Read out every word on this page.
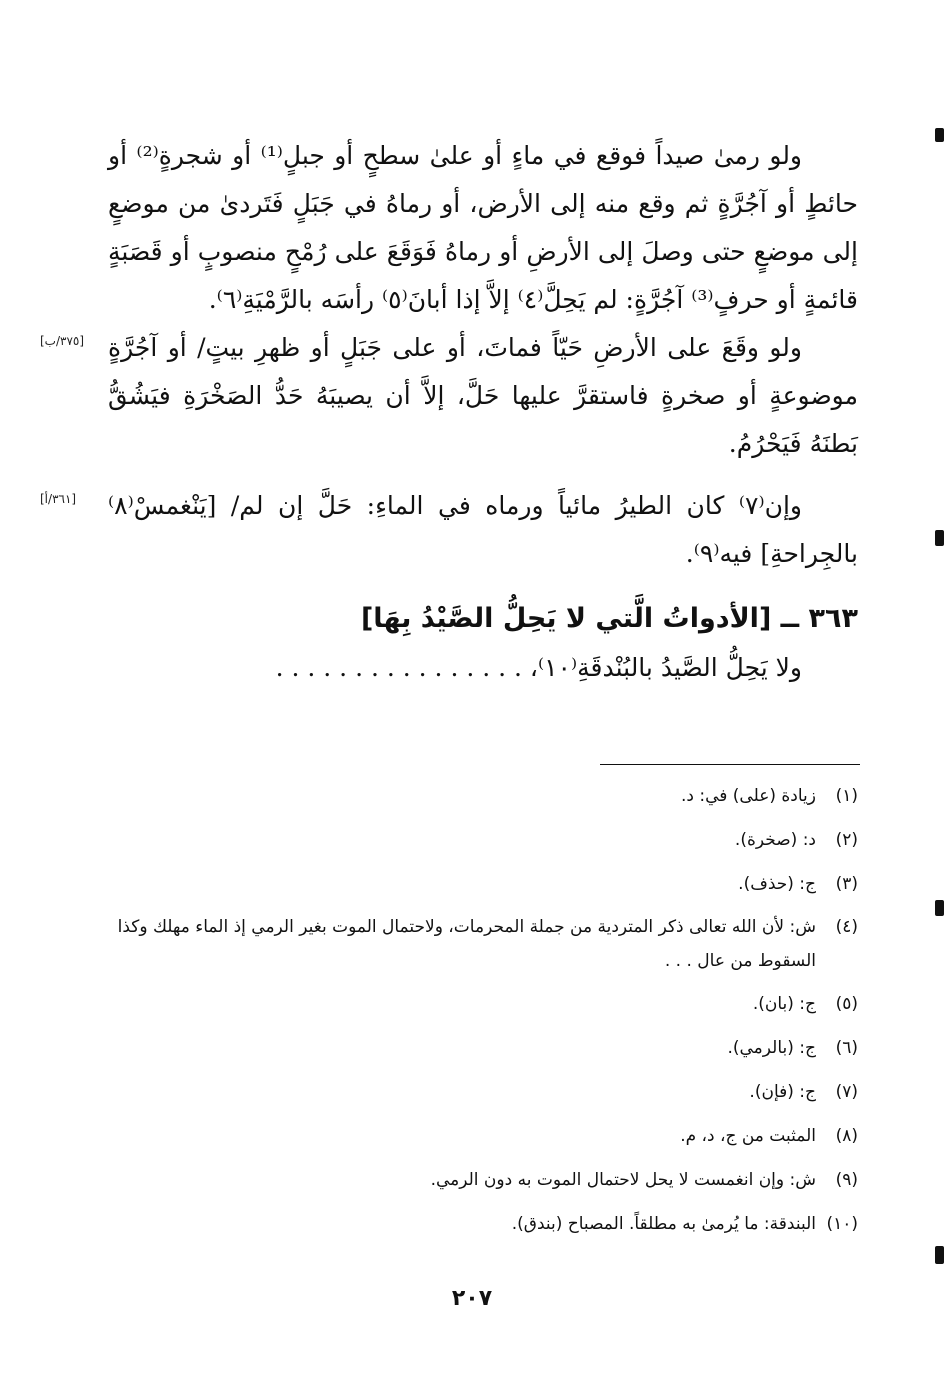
ولو رمىٰ صيداً فوقع في ماءٍ أو علىٰ سطحٍ أو جبلٍ⁽¹⁾ أو شجرةٍ⁽²⁾ أو حائطٍ أو آجُرَّةٍ ثم وقع منه إلى الأرض، أو رماهُ في جَبَلٍ فَتَردىٰ من موضعٍ إلى موضعٍ حتى وصلَ إلى الأرضِ أو رماهُ فَوَقَعَ على رُمْحٍ منصوبٍ أو قَصَبَةٍ قائمةٍ أو حرفٍ⁽³⁾ آجُرَّةٍ: لم يَحِلَّ⁽٤⁾ إلاَّ إذا أبانَ⁽٥⁾ رأسَه بالرَّمْيَةِ⁽٦⁾.

[٣٧٥/ب] ولو وقَعَ على الأرضِ حَيّاً فماتَ، أو على جَبَلٍ أو ظهرِ بيتٍ/ أو آجُرَّةٍ موضوعةٍ أو صخرةٍ فاستقرَّ عليها حَلَّ، إلاَّ أن يصيبَهُ حَدُّ الصَخْرَةِ فيَشُقُّ بَطنَهُ فَيَحْرُمُ.

[٣٦١/أ] وإن⁽٧⁾ كان الطيرُ مائياً ورماه في الماءِ: حَلَّ إن لم/ [يَنْغمسْ⁽٨⁾ بالجِراحةِ] فيه⁽٩⁾.

٣٦٣ ــ [الأدواتُ الَّتي لا يَحِلُّ الصَّيْدُ بِهَا]

ولا يَحِلُّ الصَّيدُ بالبُنْدقَةِ⁽١٠⁾، . . . . . . . . . . . . . . . .

(١)
زيادة (على) في: د.
(٢)
د: (صخرة).
(٣)
ج: (حذف).
(٤)
ش: لأن الله تعالى ذكر المتردية من جملة المحرمات، ولاحتمال الموت بغير الرمي إذ الماء مهلك وكذا السقوط من عال . . .
(٥)
ج: (بان).
(٦)
ج: (بالرمي).
(٧)
ج: (فإن).
(٨)
المثبت من ج، د، م.
(٩)
ش: وإن انغمست لا يحل لاحتمال الموت به دون الرمي.
(١٠)
البندقة: ما يُرمىٰ به مطلقاً. المصباح (بندق).
٢٠٧
